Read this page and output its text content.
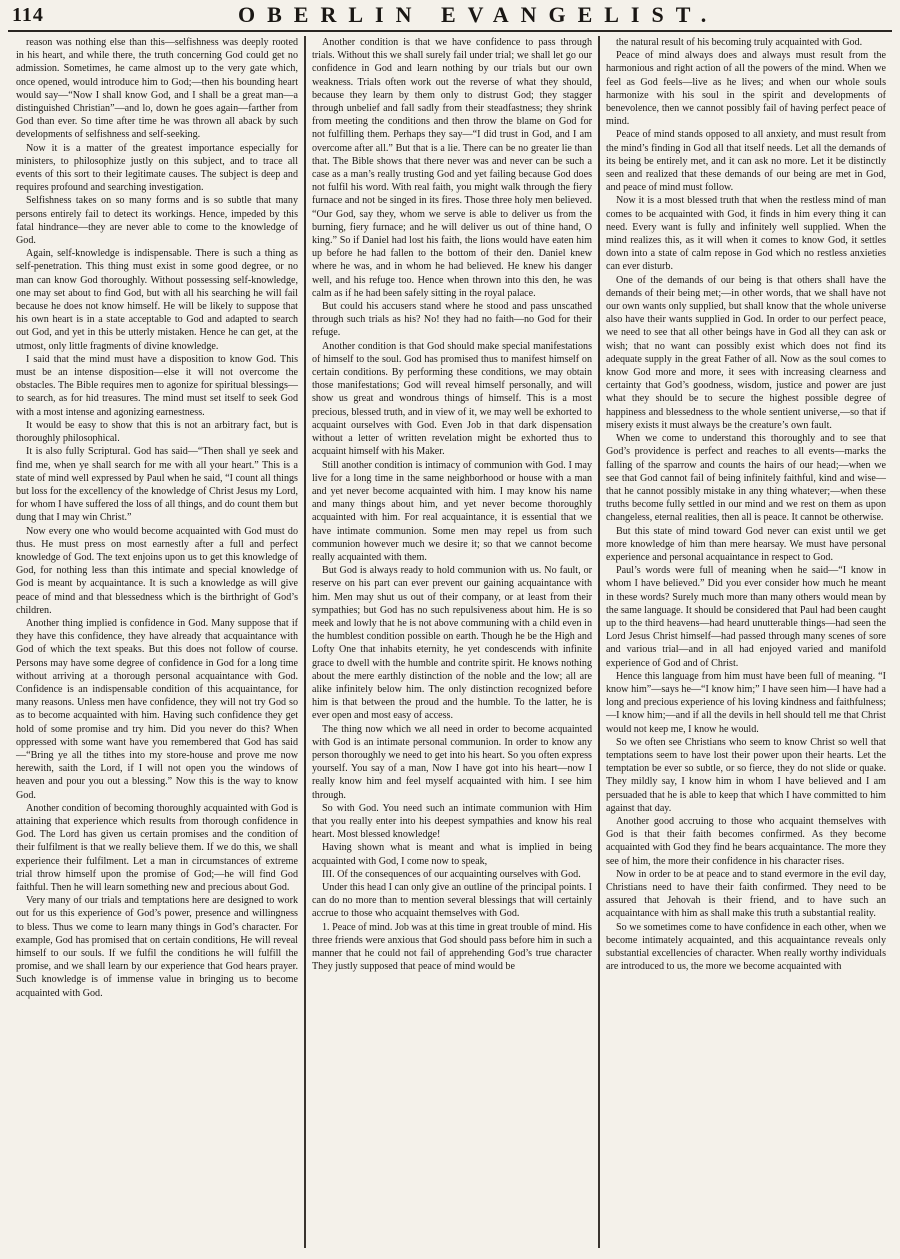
114	OBERLIN EVANGELIST.

reason was nothing else than this—selfishness was deeply rooted in his heart, and while there, the truth concerning God could get no admission. Sometimes, he came almost up to the very gate which, once opened, would introduce him to God;—then his bounding heart would say—“Now I shall know God, and I shall be a great man—a distinguished Christian”—and lo, down he goes again—farther from God than ever. So time after time he was thrown all aback by such developments of selfishness and self-seeking.

Now it is a matter of the greatest importance especially for ministers, to philosophize justly on this subject, and to trace all events of this sort to their legitimate causes. The subject is deep and requires profound and searching investigation.

Selfishness takes on so many forms and is so subtle that many persons entirely fail to detect its workings. Hence, impeded by this fatal hindrance—they are never able to come to the knowledge of God.

Again, self-knowledge is indispensable. There is such a thing as self-penetration. This thing must exist in some good degree, or no man can know God thoroughly. Without possessing self-knowledge, one may set about to find God, but with all his searching he will fail because he does not know himself. He will be likely to suppose that his own heart is in a state acceptable to God and adapted to search out God, and yet in this be utterly mistaken. Hence he can get, at the utmost, only little fragments of divine knowledge.

I said that the mind must have a disposition to know God. This must be an intense disposition—else it will not overcome the obstacles. The Bible requires men to agonize for spiritual blessings—to search, as for hid treasures. The mind must set itself to seek God with a most intense and agonizing earnestness.

It would be easy to show that this is not an arbitrary fact, but is thoroughly philosophical.

It is also fully Scriptural. God has said—“Then shall ye seek and find me, when ye shall search for me with all your heart.” This is a state of mind well expressed by Paul when he said, “I count all things but loss for the excellency of the knowledge of Christ Jesus my Lord, for whom I have suffered the loss of all things, and do count them but dung that I may win Christ.”

Now every one who would become acquainted with God must do thus. He must press on most earnestly after a full and perfect knowledge of God. The text enjoins upon us to get this knowledge of God, for nothing less than this intimate and special knowledge of God is meant by acquaintance. It is such a knowledge as will give peace of mind and that blessedness which is the birthright of God’s children.

Another thing implied is confidence in God. Many suppose that if they have this confidence, they have already that acquaintance with God of which the text speaks. But this does not follow of course. Persons may have some degree of confidence in God for a long time without arriving at a thorough personal acquaintance with God. Confidence is an indispensable condition of this acquaintance, for many reasons. Unless men have confidence, they will not try God so as to become acquainted with him. Having such confidence they get hold of some promise and try him. Did you never do this? When oppressed with some want have you remembered that God has said—“Bring ye all the tithes into my store-house and prove me now herewith, saith the Lord, if I will not open you the windows of heaven and pour you out a blessing.” Now this is the way to know God.

Another condition of becoming thoroughly acquainted with God is attaining that experience which results from thorough confidence in God. The Lord has given us certain promises and the condition of their fulfilment is that we really believe them. If we do this, we shall experience their fulfilment. Let a man in circumstances of extreme trial throw himself upon the promise of God;—he will find God faithful. Then he will learn something new and precious about God.

Very many of our trials and temptations here are designed to work out for us this experience of God’s power, presence and willingness to bless. Thus we come to learn many things in God’s character. For example, God has promised that on certain conditions, He will reveal himself to our souls. If we fulfil the conditions he will fulfill the promise, and we shall learn by our experience that God hears prayer. Such knowledge is of immense value in bringing us to become acquainted with God.

Another condition is that we have confidence to pass through trials. Without this we shall surely fail under trial; we shall let go our confidence in God and learn nothing by our trials but our own weakness. Trials often work out the reverse of what they should, because they learn by them only to distrust God; they stagger through unbelief and fall sadly from their steadfastness; they shrink from meeting the conditions and then throw the blame on God for not fulfilling them. Perhaps they say—“I did trust in God, and I am overcome after all.” But that is a lie. There can be no greater lie than that. The Bible shows that there never was and never can be such a case as a man’s really trusting God and yet failing because God does not fulfil his word. With real faith, you might walk through the fiery furnace and not be singed in its fires. Those three holy men believed. “Our God, say they, whom we serve is able to deliver us from the burning, fiery furnace; and he will deliver us out of thine hand, O king.” So if Daniel had lost his faith, the lions would have eaten him up before he had fallen to the bottom of their den. Daniel knew where he was, and in whom he had believed. He knew his danger well, and his refuge too. Hence when thrown into this den, he was calm as if he had been safely sitting in the royal palace.

But could his accusers stand where he stood and pass unscathed through such trials as his? No! they had no faith—no God for their refuge.

Another condition is that God should make special manifestations of himself to the soul. God has promised thus to manifest himself on certain conditions. By performing these conditions, we may obtain those manifestations; God will reveal himself personally, and will show us great and wondrous things of himself. This is a most precious, blessed truth, and in view of it, we may well be exhorted to acquaint ourselves with God. Even Job in that dark dispensation without a letter of written revelation might be exhorted thus to acquaint himself with his Maker.

Still another condition is intimacy of communion with God. I may live for a long time in the same neighborhood or house with a man and yet never become acquainted with him. I may know his name and many things about him, and yet never become thoroughly acquainted with him. For real acquaintance, it is essential that we have intimate communion. Some men may repel us from such communion however much we desire it; so that we cannot become really acquainted with them.

But God is always ready to hold communion with us. No fault, or reserve on his part can ever prevent our gaining acquaintance with him. Men may shut us out of their company, or at least from their sympathies; but God has no such repulsiveness about him. He is so meek and lowly that he is not above communing with a child even in the humblest condition possible on earth. Though he be the High and Lofty One that inhabits eternity, he yet condescends with infinite grace to dwell with the humble and contrite spirit. He knows nothing about the mere earthly distinction of the noble and the low; all are alike infinitely below him. The only distinction recognized before him is that between the proud and the humble. To the latter, he is ever open and most easy of access.

The thing now which we all need in order to become acquainted with God is an intimate personal communion. In order to know any person thoroughly we need to get into his heart. So you often express yourself. You say of a man, Now I have got into his heart—now I really know him and feel myself acquainted with him. I see him through.

So with God. You need such an intimate communion with Him that you really enter into his deepest sympathies and know his real heart. Most blessed knowledge!

Having shown what is meant and what is implied in being acquainted with God, I come now to speak,

III. Of the consequences of our acquainting ourselves with God.

Under this head I can only give an outline of the principal points. I can do no more than to mention several blessings that will certainly accrue to those who acquaint themselves with God.

1. Peace of mind. Job was at this time in great trouble of mind. His three friends were anxious that God should pass before him in such a manner that he could not fail of apprehending God’s true character They justly supposed that peace of mind would be

the natural result of his becoming truly acquainted with God.

Peace of mind always does and always must result from the harmonious and right action of all the powers of the mind. When we feel as God feels—live as he lives; and when our whole souls harmonize with his soul in the spirit and developments of benevolence, then we cannot possibly fail of having perfect peace of mind.

Peace of mind stands opposed to all anxiety, and must result from the mind’s finding in God all that itself needs. Let all the demands of its being be entirely met, and it can ask no more. Let it be distinctly seen and realized that these demands of our being are met in God, and peace of mind must follow.

Now it is a most blessed truth that when the restless mind of man comes to be acquainted with God, it finds in him every thing it can need. Every want is fully and infinitely well supplied. When the mind realizes this, as it will when it comes to know God, it settles down into a state of calm repose in God which no restless anxieties can ever disturb.

One of the demands of our being is that others shall have the demands of their being met;—in other words, that we shall have not our own wants only supplied, but shall know that the whole universe also have their wants supplied in God. In order to our perfect peace, we need to see that all other beings have in God all they can ask or wish; that no want can possibly exist which does not find its adequate supply in the great Father of all. Now as the soul comes to know God more and more, it sees with increasing clearness and certainty that God’s goodness, wisdom, justice and power are just what they should be to secure the highest possible degree of happiness and blessedness to the whole sentient universe,—so that if misery exists it must always be the creature’s own fault.

When we come to understand this thoroughly and to see that God’s providence is perfect and reaches to all events—marks the falling of the sparrow and counts the hairs of our head;—when we see that God cannot fail of being infinitely faithful, kind and wise—that he cannot possibly mistake in any thing whatever;—when these truths become fully settled in our mind and we rest on them as upon changeless, eternal realities, then all is peace. It cannot be otherwise.

But this state of mind toward God never can exist until we get more knowledge of him than mere hearsay. We must have personal experience and personal acquaintance in respect to God.

Paul’s words were full of meaning when he said—“I know in whom I have believed.” Did you ever consider how much he meant in these words? Surely much more than many others would mean by the same language. It should be considered that Paul had been caught up to the third heavens—had heard unutterable things—had seen the Lord Jesus Christ himself—had passed through many scenes of sore and various trial—and in all had enjoyed varied and manifold experience of God and of Christ.

Hence this language from him must have been full of meaning. “I know him”—says he—“I know him;” I have seen him—I have had a long and precious experience of his loving kindness and faithfulness;—I know him;—and if all the devils in hell should tell me that Christ would not keep me, I know he would.

So we often see Christians who seem to know Christ so well that temptations seem to have lost their power upon their hearts. Let the temptation be ever so subtle, or so fierce, they do not slide or quake. They mildly say, I know him in whom I have believed and I am persuaded that he is able to keep that which I have committed to him against that day.

Another good accruing to those who acquaint themselves with God is that their faith becomes confirmed. As they become acquainted with God they find he bears acquaintance. The more they see of him, the more their confidence in his character rises.

Now in order to be at peace and to stand evermore in the evil day, Christians need to have their faith confirmed. They need to be assured that Jehovah is their friend, and to have such an acquaintance with him as shall make this truth a substantial reality.

So we sometimes come to have confidence in each other, when we become intimately acquainted, and this acquaintance reveals only substantial excellencies of character. When really worthy individuals are introduced to us, the more we become acquainted with
